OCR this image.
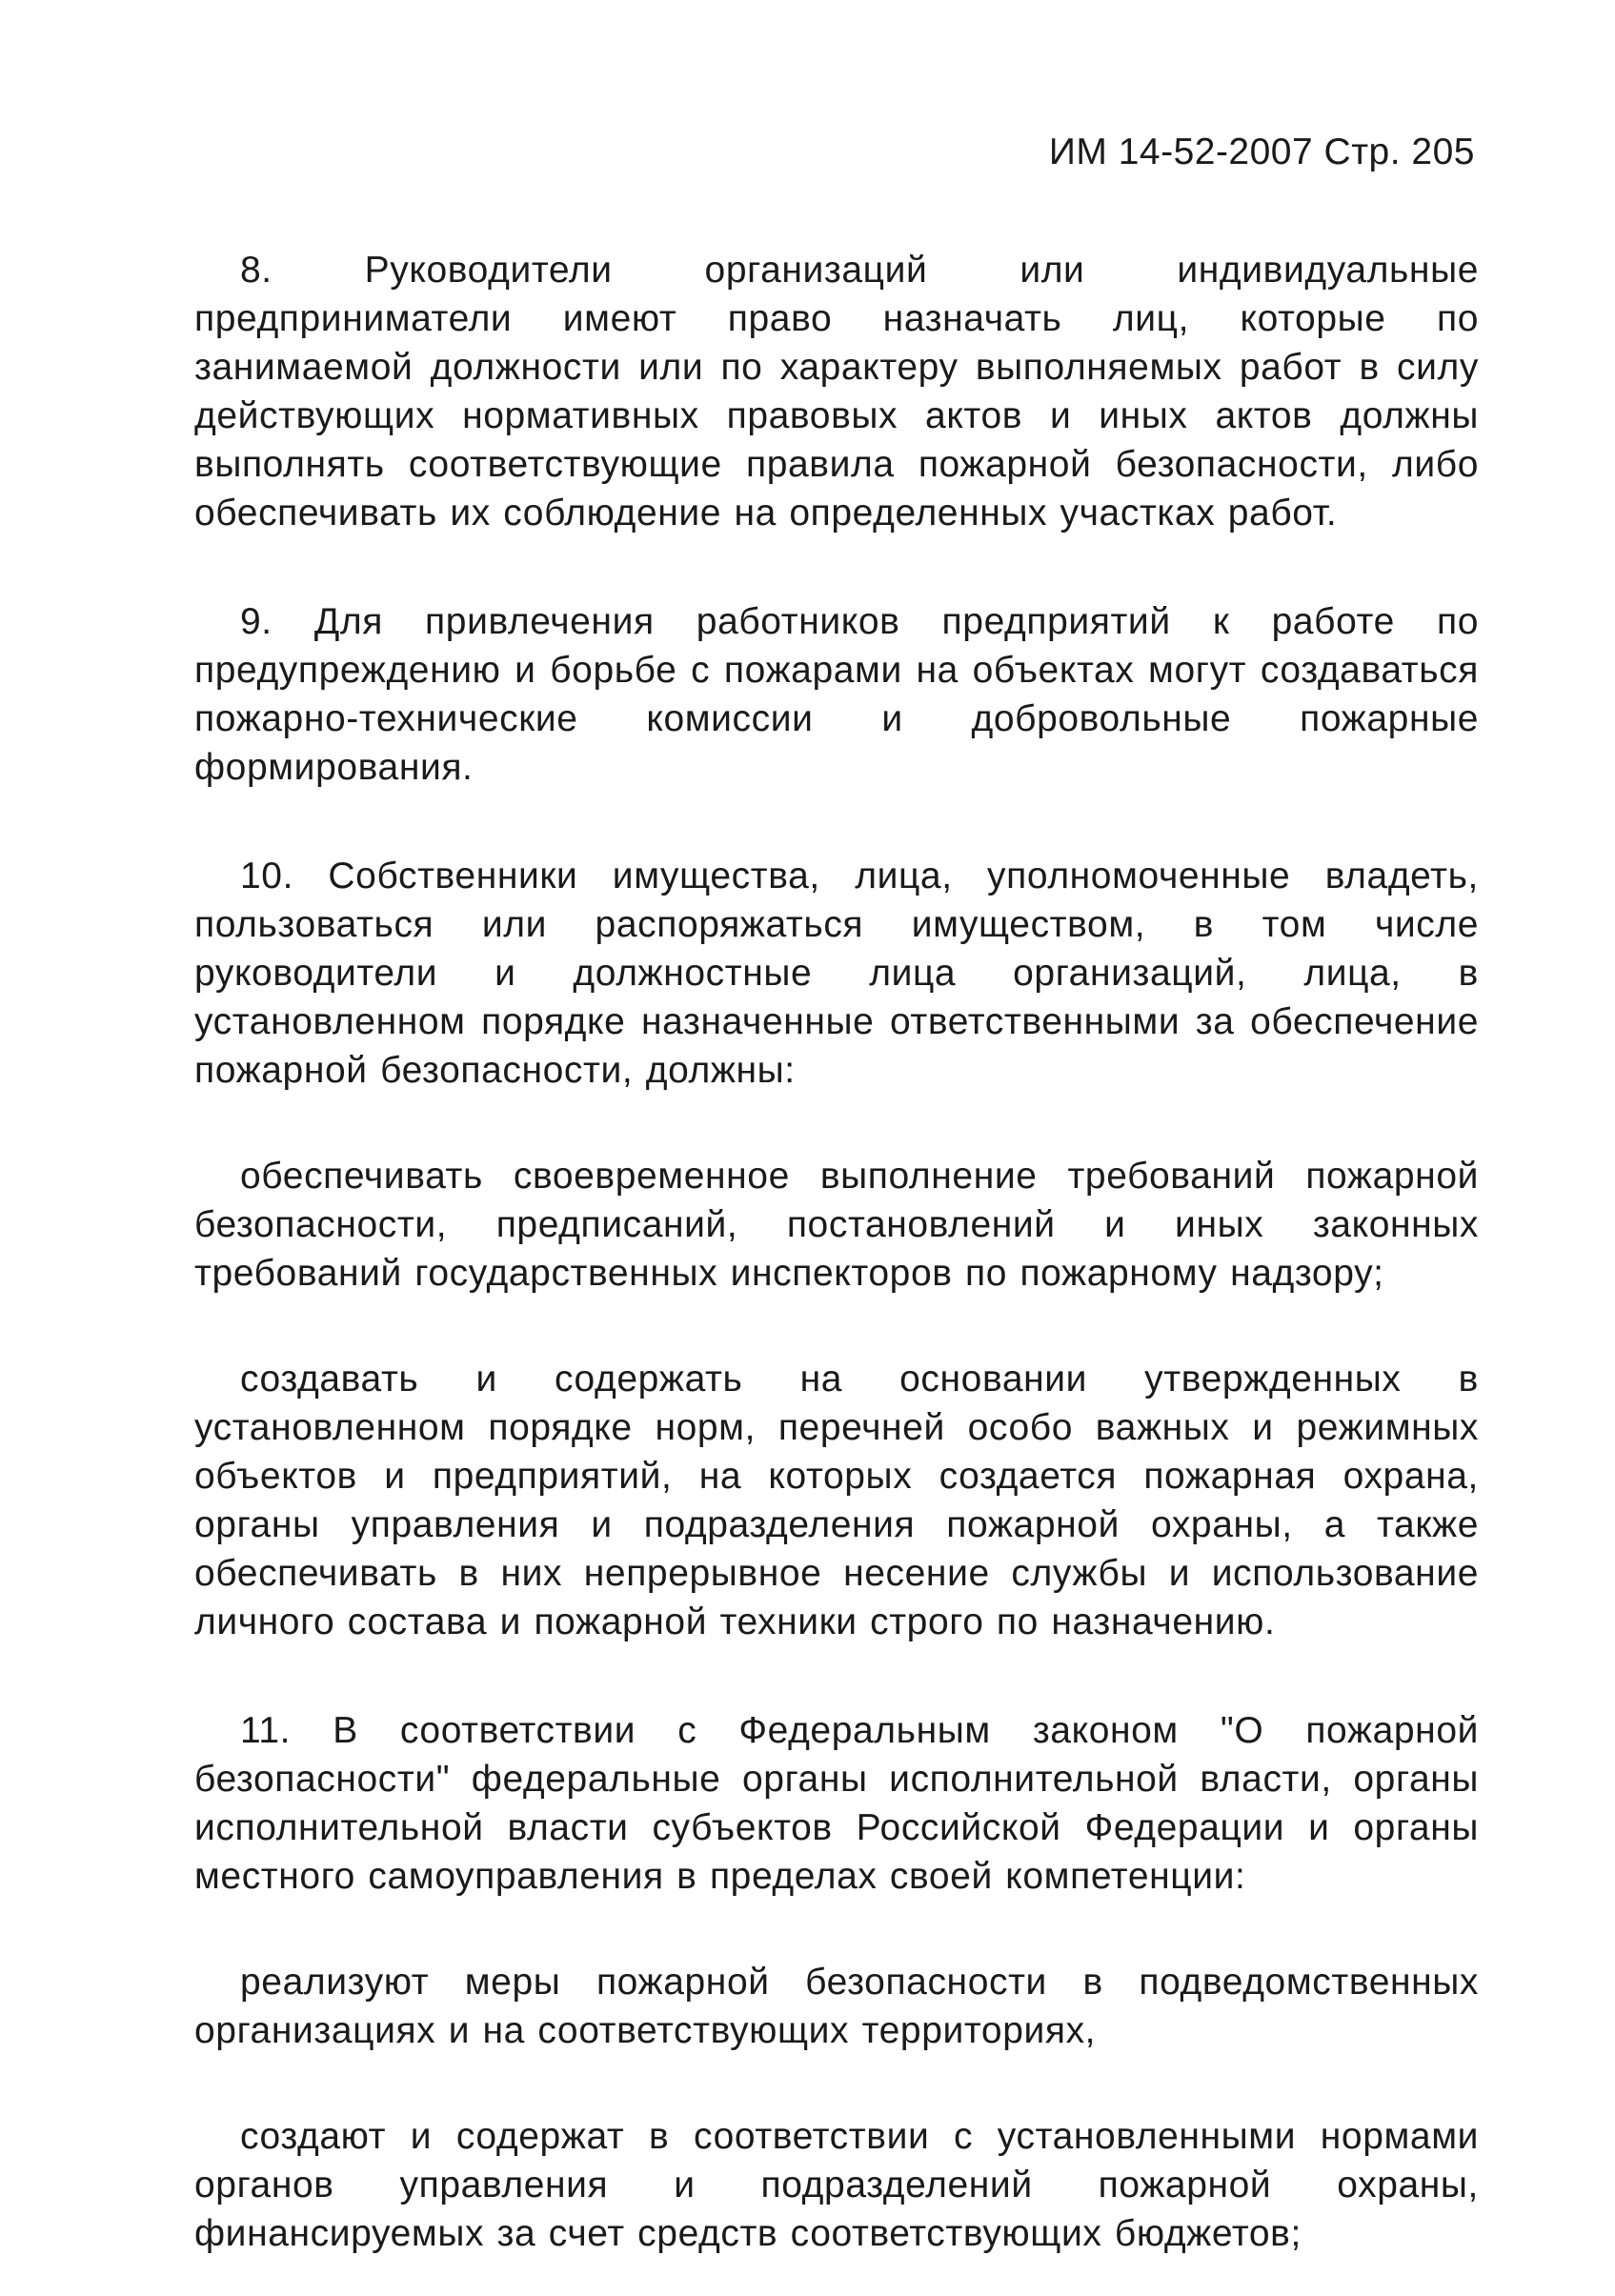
ИМ 14-52-2007 Стр. 205

8. Руководители организаций или индивидуальные предприниматели имеют право назначать лиц, которые по занимаемой должности или по характеру выполняемых работ в силу действующих нормативных правовых актов и иных актов должны выполнять соответствующие правила пожарной безопасности, либо обеспечивать их соблюдение на определенных участках работ.

9. Для привлечения работников предприятий к работе по предупреждению и борьбе с пожарами на объектах могут создаваться пожарно-технические комиссии и добровольные пожарные формирования.

10. Собственники имущества, лица, уполномоченные владеть, пользоваться или распоряжаться имуществом, в том числе руководители и должностные лица организаций, лица, в установленном порядке назначенные ответственными за обеспечение пожарной безопасности, должны:

обеспечивать своевременное выполнение требований пожарной безопасности, предписаний, постановлений и иных законных требований государственных инспекторов по пожарному надзору;

создавать и содержать на основании утвержденных в установленном порядке норм, перечней особо важных и режимных объектов и предприятий, на которых создается пожарная охрана, органы управления и подразделения пожарной охраны, а также обеспечивать в них непрерывное несение службы и использование личного состава и пожарной техники строго по назначению.

11. В соответствии с Федеральным законом "О пожарной безопасности" федеральные органы исполнительной власти, органы исполнительной власти субъектов Российской Федерации и органы местного самоуправления в пределах своей компетенции:

реализуют меры пожарной безопасности в подведомственных организациях и на соответствующих территориях,

создают и содержат в соответствии с установленными нормами органов управления и подразделений пожарной охраны, финансируемых за счет средств соответствующих бюджетов;
